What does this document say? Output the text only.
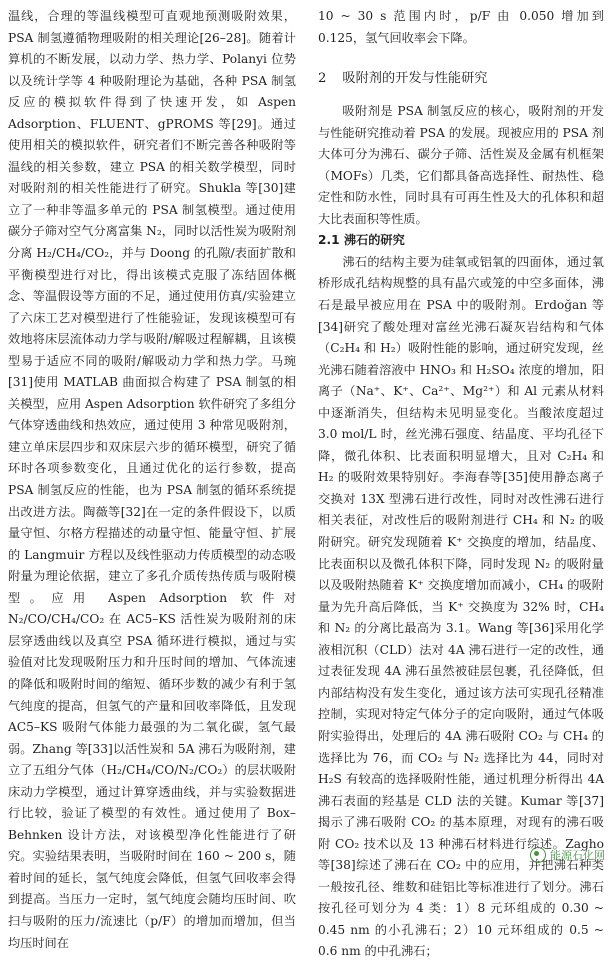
温线，合理的等温线模型可直观地预测吸附效果，PSA 制氢遵循物理吸附的相关理论[26–28]。随着计算机的不断发展，以动力学、热力学、Polanyi 位势以及统计学等 4 种吸附理论为基础，各种 PSA 制氢反应的模拟软件得到了快速开发，如 Aspen Adsorption、FLUENT、gPROMS 等[29]。通过使用相关的模拟软件，研究者们不断完善各种吸附等温线的相关参数，建立 PSA 的相关数学模型，同时对吸附剂的相关性能进行了研究。Shukla 等[30]建立了一种非等温多单元的 PSA 制氢模型。通过使用碳分子筛对空气分离富集 N₂，同时以活性炭为吸附剂分离 H₂/CH₄/CO₂，并与 Doong 的孔隙/表面扩散和平衡模型进行对比，得出该模式克服了冻结固体概念、等温假设等方面的不足，通过使用仿真/实验建立了六床工艺对模型进行了性能验证，发现该模型可有效地将床层流体动力学与吸附/解吸过程解耦，且该模型易于适应不同的吸附/解吸动力学和热力学。马琬[31]使用 MATLAB 曲面拟合构建了 PSA 制氢的相关模型，应用 Aspen Adsorption 软件研究了多组分气体穿透曲线和热效应，通过使用 3 种常见吸附剂，建立单床层四步和双床层六步的循环模型，研究了循环时各项参数变化，且通过优化的运行参数，提高 PSA 制氢反应的性能，也为 PSA 制氢的循环系统提出改进方法。陶薇等[32]在一定的条件假设下，以质量守恒、尔格方程描述的动量守恒、能量守恒、扩展的 Langmuir 方程以及线性驱动力传质模型的动态吸附量为理论依据，建立了多孔介质传热传质与吸附模型。应用 Aspen Adsorption 软件对 N₂/CO/CH₄/CO₂ 在 AC5–KS 活性炭为吸附剂的床层穿透曲线以及真空 PSA 循环进行模拟，通过与实验值对比发现吸附压力和升压时间的增加、气体流速的降低和吸附时间的缩短、循环步数的减少有利于氢气纯度的提高，但氢气的产量和回收率降低，且发现 AC5–KS 吸附气体能力最强的为二氧化碳，氢气最弱。Zhang 等[33]以活性炭和 5A 沸石为吸附剂，建立了五组分气体（H₂/CH₄/CO/N₂/CO₂）的层状吸附床动力学模型，通过计算穿透曲线，并与实验数据进行比较，验证了模型的有效性。通过使用了 Box–Behnken 设计方法，对该模型净化性能进行了研究。实验结果表明，当吸附时间在 160 ~ 200 s，随着时间的延长，氢气纯度会降低，但氢气回收率会得到提高。当压力一定时，氢气纯度会随均压时间、吹扫与吸附的压力/流速比（p/F）的增加而增加，但当均压时间在

10 ~ 30 s 范围内时，p/F 由 0.050 增加到 0.125，氢气回收率会下降。

2 吸附剂的开发与性能研究

吸附剂是 PSA 制氢反应的核心，吸附剂的开发与性能研究推动着 PSA 的发展。现被应用的 PSA 剂大体可分为沸石、碳分子筛、活性炭及金属有机框架（MOFs）几类，它们都具备高选择性、耐热性、稳定性和防水性，同时具有可再生性及大的孔体积和超大比表面积等性质。

2.1 沸石的研究

沸石的结构主要为硅氧或铝氧的四面体，通过氧桥形成孔结构规整的具有晶穴或笼的中空多面体，沸石是最早被应用在 PSA 中的吸附剂。Erdoğan 等[34]研究了酸处理对富丝光沸石凝灰岩结构和气体（C₂H₄ 和 H₂）吸附性能的影响，通过研究发现，丝光沸石随着溶液中 HNO₃ 和 H₂SO₄ 浓度的增加，阳离子（Na⁺、K⁺、Ca²⁺、Mg²⁺）和 Al 元素从材料中逐渐消失，但结构未见明显变化。当酸浓度超过 3.0 mol/L 时，丝光沸石强度、结晶度、平均孔径下降，微孔体积、比表面积明显增大，且对 C₂H₄ 和 H₂ 的吸附效果特别好。李海春等[35]使用静态离子交换对 13X 型沸石进行改性，同时对改性沸石进行相关表征，对改性后的吸附剂进行 CH₄ 和 N₂ 的吸附研究。研究发现随着 K⁺ 交换度的增加，结晶度、比表面积以及微孔体积下降，同时发现 N₂ 的吸附量以及吸附热随着 K⁺ 交换度增加而减小，CH₄ 的吸附量为先升高后降低，当 K⁺ 交换度为 32% 时，CH₄ 和 N₂ 的分离比最高为 3.1。Wang 等[36]采用化学液相沉积（CLD）法对 4A 沸石进行一定的改性，通过表征发现 4A 沸石虽然被硅层包裹，孔径降低，但内部结构没有发生变化，通过该方法可实现孔径精准控制，实现对特定气体分子的定向吸附，通过气体吸附实验得出，处理后的 4A 沸石吸附 CO₂ 与 CH₄ 的选择比为 76，而 CO₂ 与 N₂ 选择比为 44，同时对 H₂S 有较高的选择吸附性能，通过机理分析得出 4A 沸石表面的羟基是 CLD 法的关键。Kumar 等[37]揭示了沸石吸附 CO₂ 的基本原理，对现有的沸石吸附 CO₂ 技术以及 13 种沸石材料进行综述。Zagho 等[38]综述了沸石在 CO₂ 中的应用，并把沸石种类一般按孔径、维数和硅铝比等标准进行了划分。沸石按孔径可划分为 4 类：1）8 元环组成的 0.30 ~ 0.45 nm 的小孔沸石；2）10 元环组成的 0.5 ~ 0.6 nm 的中孔沸石；

能源石化网
